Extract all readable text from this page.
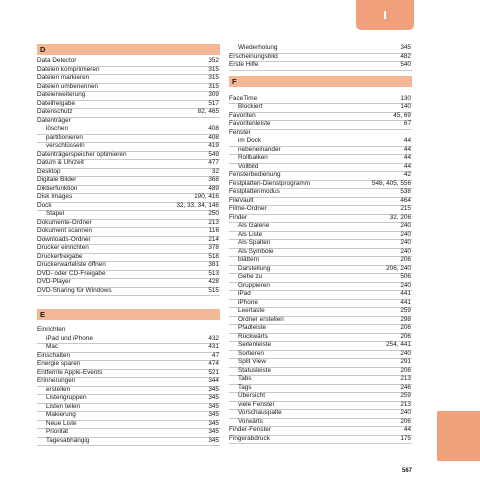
D
Data Detector	352
Dateien komprimieren	315
Dateien markieren	315
Dateien umbenennen	315
Dateierweiterung	309
Dateifreigabe	517
Datenschutz	82, 465
Datenträger
löschen	408
partitionieren	408
verschlüsseln	419
Datenträgerspeicher optimieren	549
Datum & Uhrzeit	477
Desktop	32
Digitale Bilder	368
Diktierfunktion	489
Disk Images	190, 416
Dock	32, 33, 34, 146
Stapel	250
Dokumente-Ordner	213
Dokument scannen	116
Downloads-Ordner	214
Drucker einrichten	378
Druckerfreigabe	518
Druckerwarteliste öffnen	381
DVD- oder CD-Freigabe	513
DVD-Player	428
DVD-Sharing für Windows	515
E
Einrichten
iPad und iPhone	432
Mac	431
Einschalten	47
Energie sparen	474
Entfernte Apple-Events	521
Erinnerungen	344
erstellen	345
Listengruppen	345
Listen teilen	345
Makierung	345
Neue Liste	345
Priorität	345
Tagesabhängig	345
Wiederholung	345
Erscheinungsbild	482
Erste Hilfe	540
F
FaceTime	130
Blockiert	140
Favoriten	45, 69
Favoritenleiste	67
Fenster
im Dock	44
nebeneinander	44
Rollbalken	44
Vollbild	44
Fensterbedienung	42
Festplatten-Dienstprogramm	548, 405, 556
Festplattenmodus	538
FileVault	464
Filme-Ordner	215
Finder	32, 206
Als Galerie	240
Als Liste	240
Als Spalten	240
Als Symbole	240
blättern	206
Darstellung	206, 240
Gehe zu	506
Gruppieren	240
iPad	441
iPhone	441
Leertaste	259
Ordner erstellen	298
Pfadleiste	206
Rückwärts	206
Seitenleiste	254, 441
Sortieren	240
Split View	291
Statusleiste	206
Tabs	213
Tags	246
Übersicht	259
viele Fenster	213
Vorschauspalte	240
Vorwärts	206
Finder-Fenster	44
Fingerabdruck	175
567
